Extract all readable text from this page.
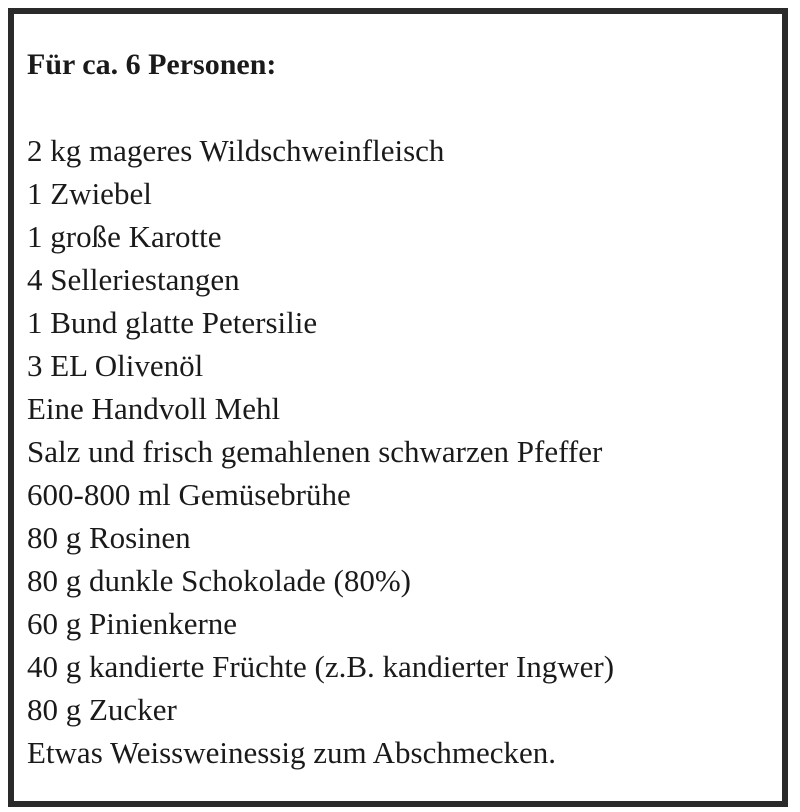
Für ca. 6 Personen:
2 kg mageres Wildschweinfleisch
1 Zwiebel
1 große Karotte
4 Selleriestangen
1 Bund glatte Petersilie
3 EL Olivenöl
Eine Handvoll Mehl
Salz und frisch gemahlenen schwarzen Pfeffer
600-800 ml Gemüsebrühe
80 g Rosinen
80 g dunkle Schokolade (80%)
60 g Pinienkerne
40 g kandierte Früchte (z.B. kandierter Ingwer)
80 g Zucker
Etwas Weissweinessig zum Abschmecken.
